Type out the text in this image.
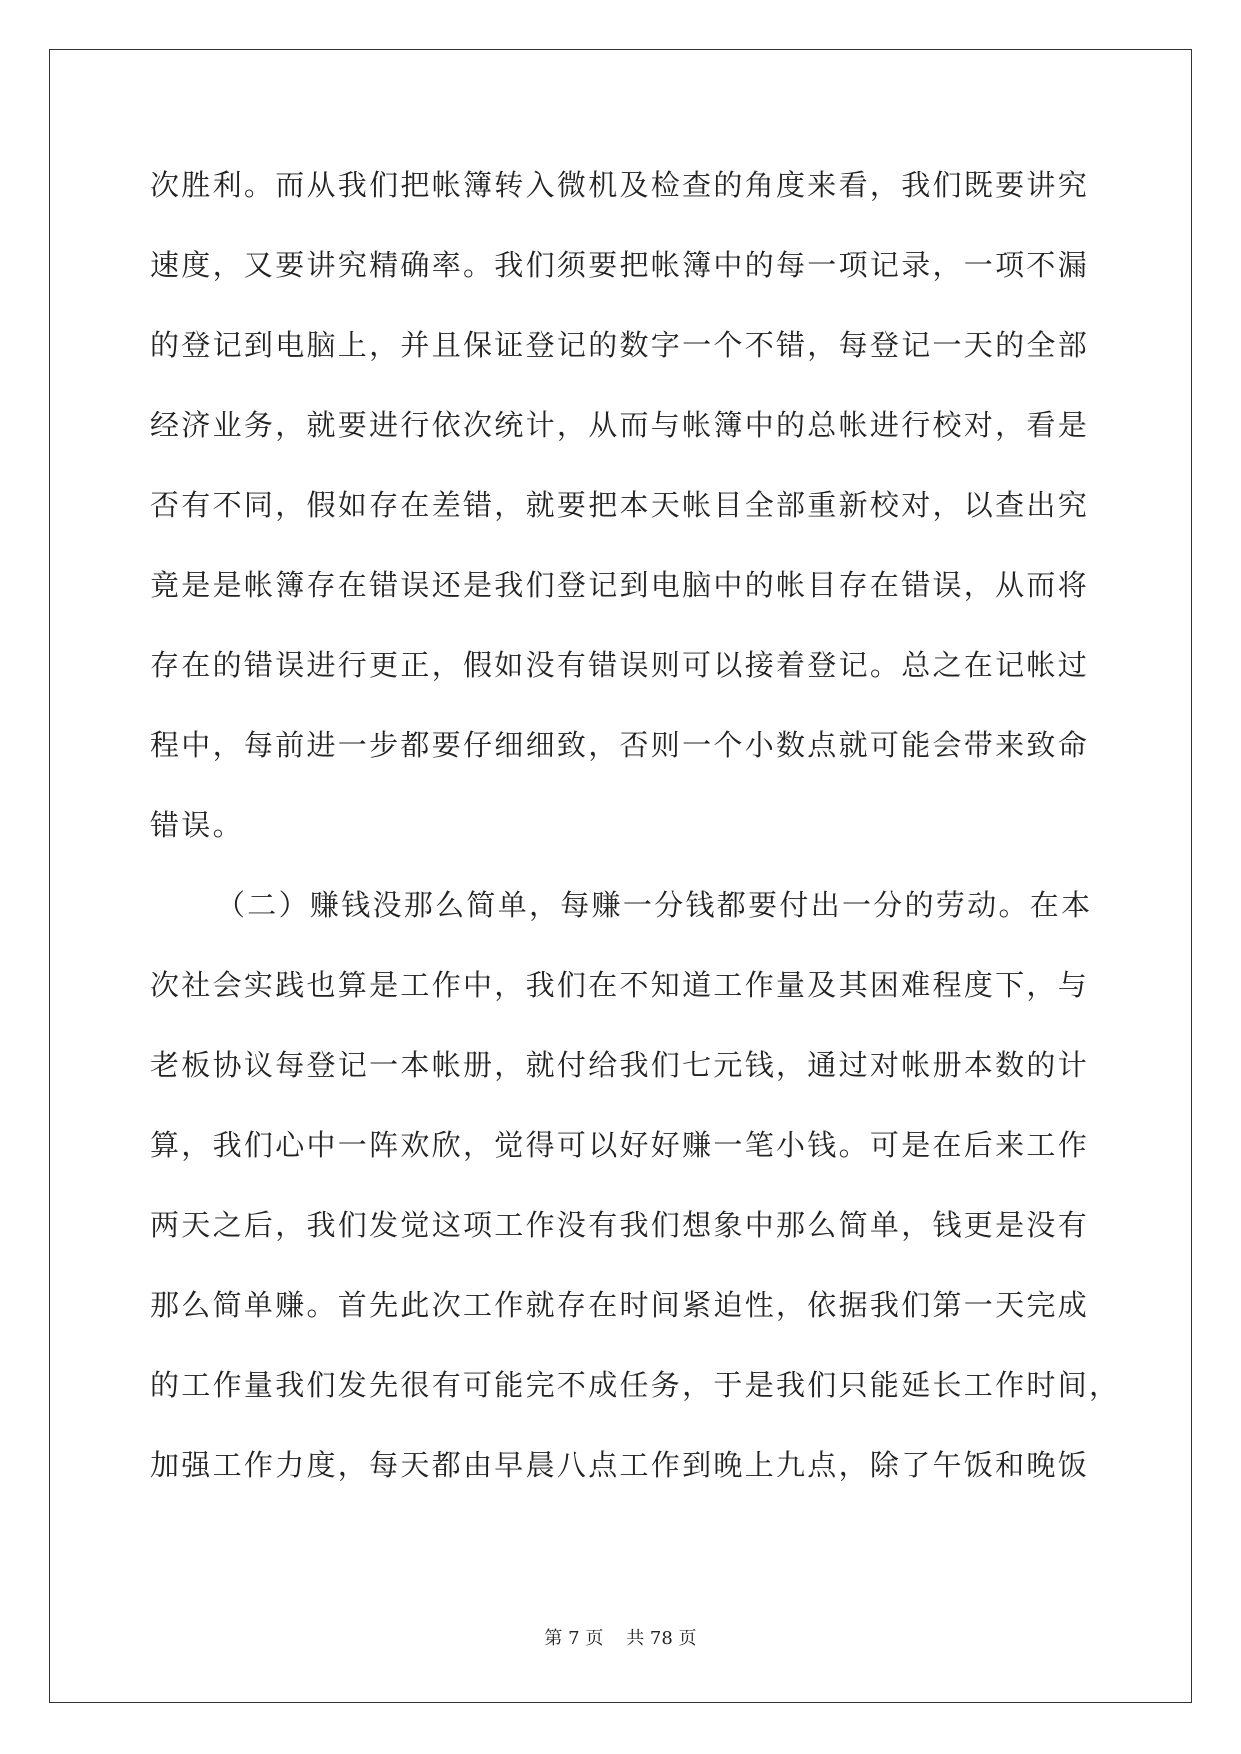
次胜利。而从我们把帐簿转入微机及检查的角度来看，我们既要讲究
速度，又要讲究精确率。我们须要把帐簿中的每一项记录，一项不漏
的登记到电脑上，并且保证登记的数字一个不错，每登记一天的全部
经济业务，就要进行依次统计，从而与帐簿中的总帐进行校对，看是
否有不同，假如存在差错，就要把本天帐目全部重新校对，以查出究
竟是是帐簿存在错误还是我们登记到电脑中的帐目存在错误，从而将
存在的错误进行更正，假如没有错误则可以接着登记。总之在记帐过
程中，每前进一步都要仔细细致，否则一个小数点就可能会带来致命
错误。
（二）赚钱没那么简单，每赚一分钱都要付出一分的劳动。在本
次社会实践也算是工作中，我们在不知道工作量及其困难程度下，与
老板协议每登记一本帐册，就付给我们七元钱，通过对帐册本数的计
算，我们心中一阵欢欣，觉得可以好好赚一笔小钱。可是在后来工作
两天之后，我们发觉这项工作没有我们想象中那么简单，钱更是没有
那么简单赚。首先此次工作就存在时间紧迫性，依据我们第一天完成
的工作量我们发先很有可能完不成任务，于是我们只能延长工作时间，
加强工作力度，每天都由早晨八点工作到晚上九点，除了午饭和晚饭
第 7 页    共 78 页
